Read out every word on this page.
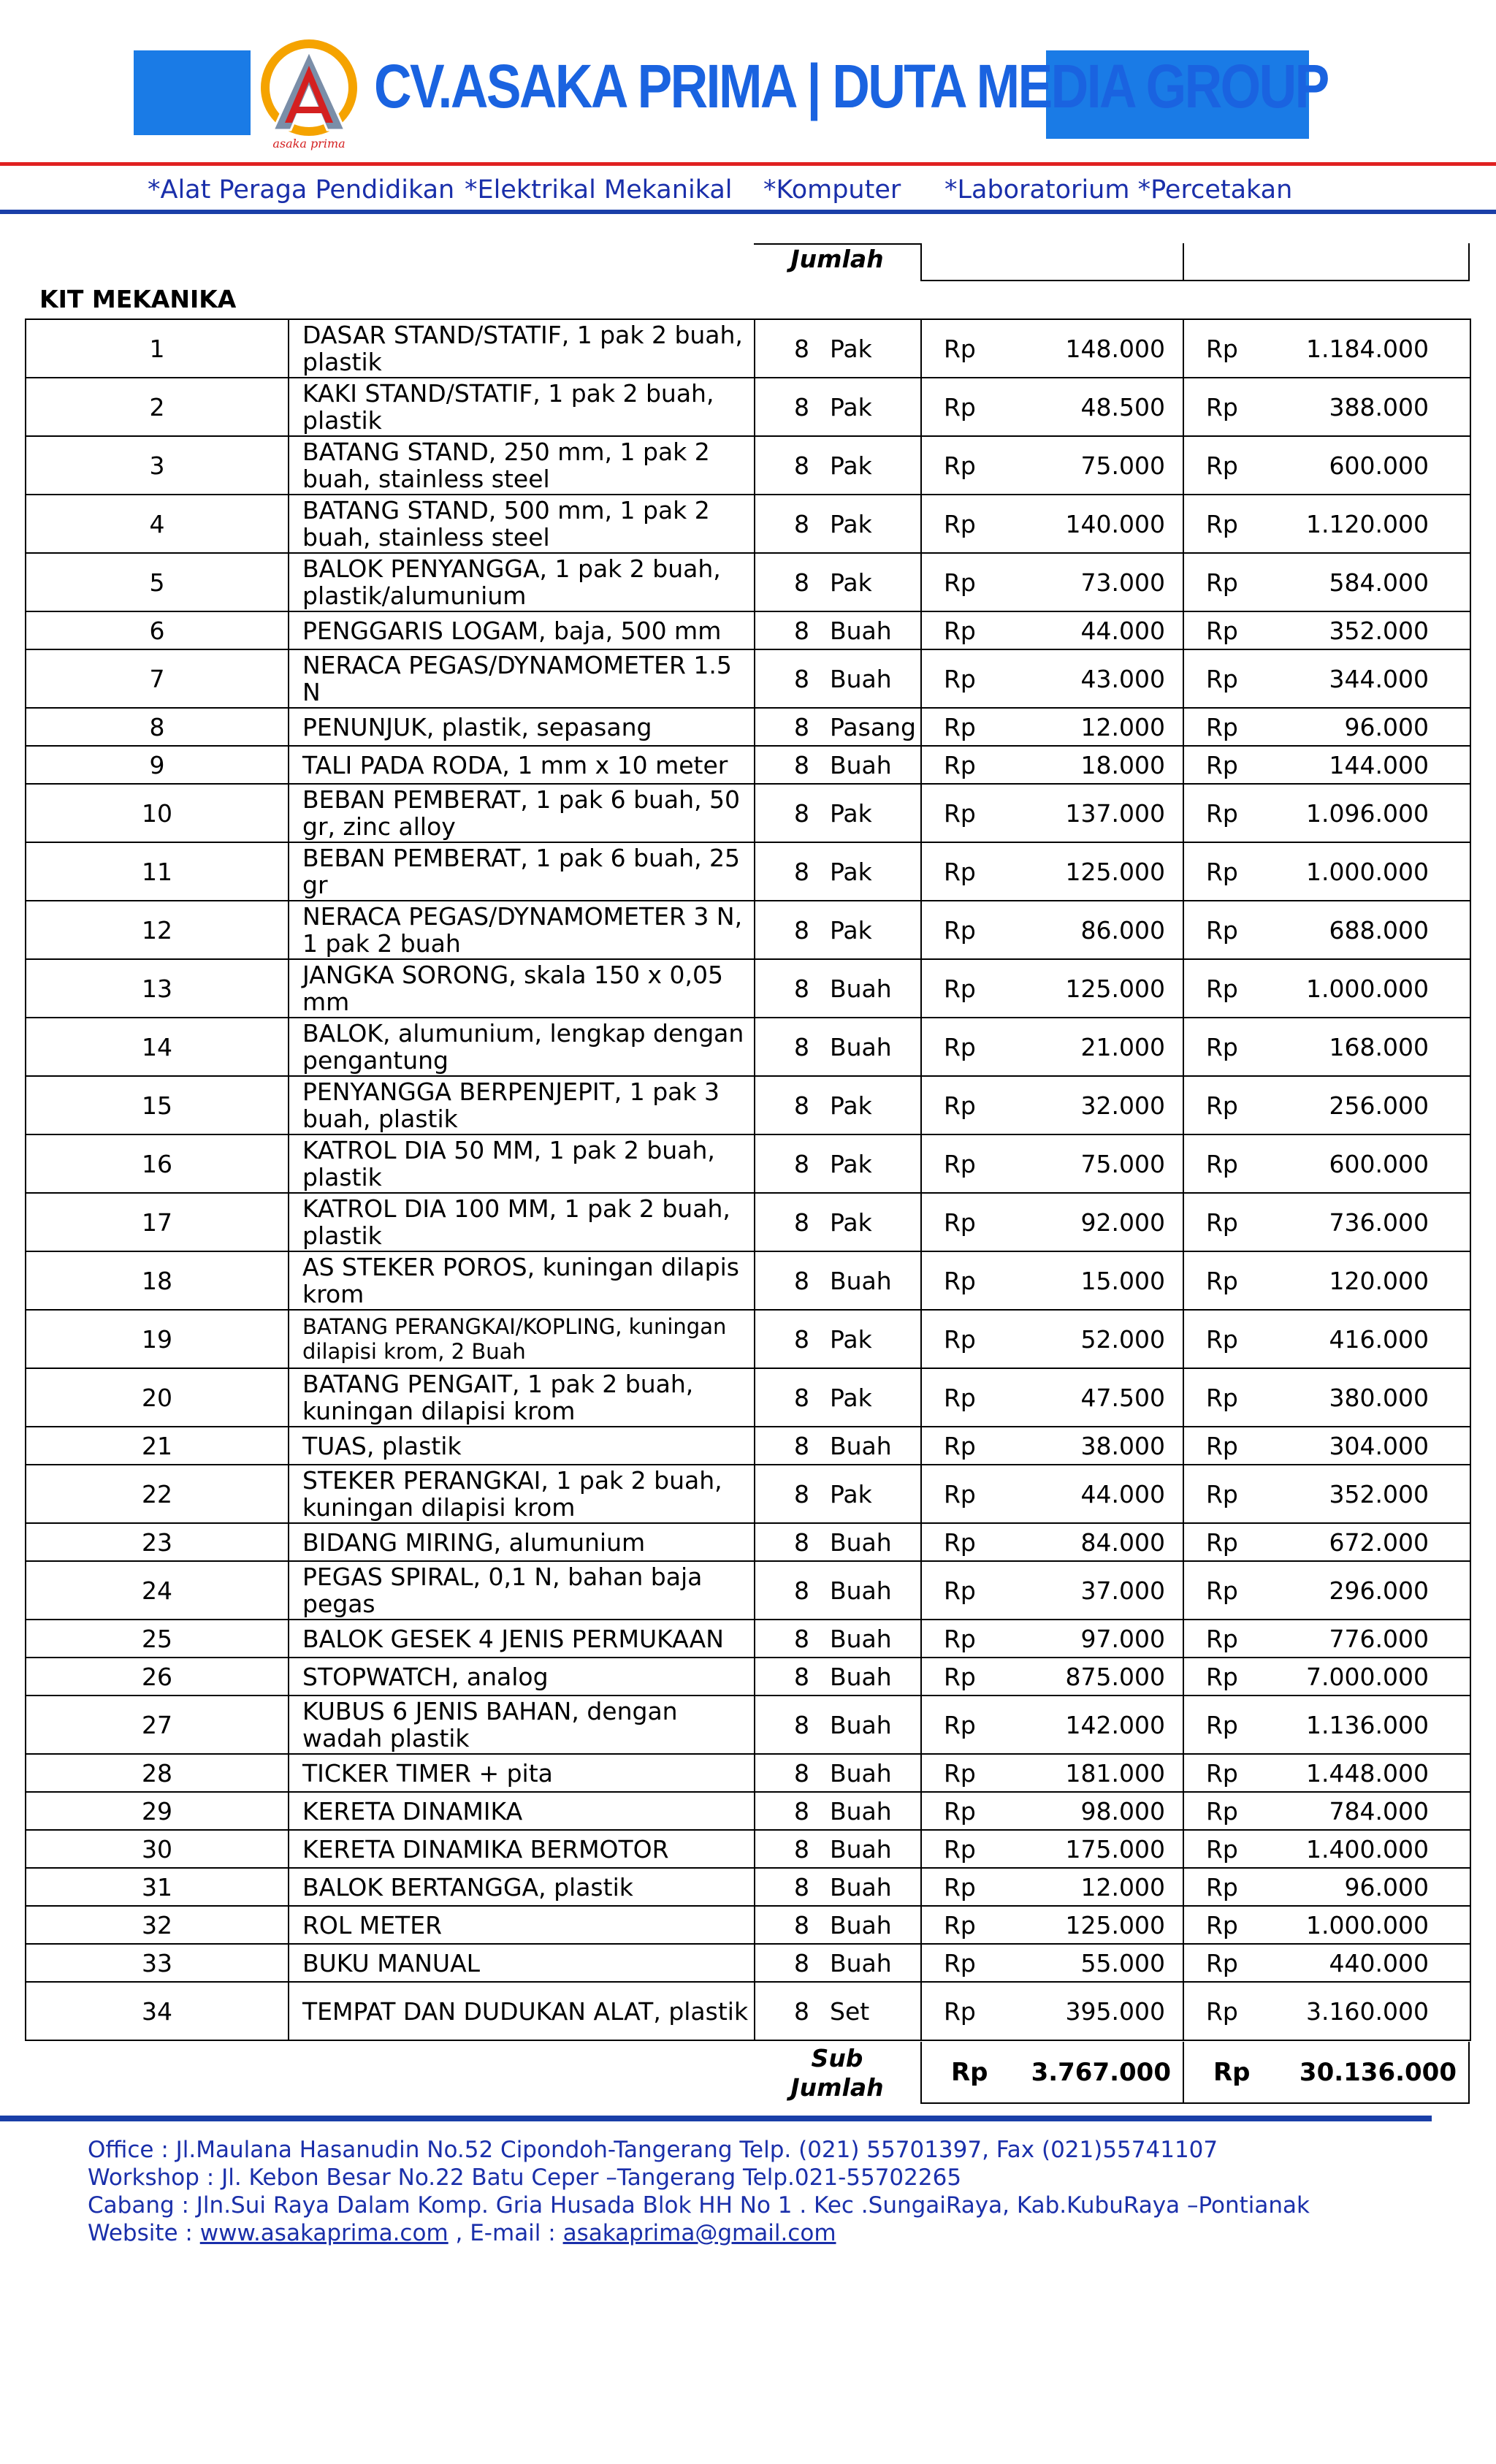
asaka prima
CV.ASAKA PRIMA | DUTA MEDIA GROUP
*Alat Peraga Pendidikan *Elektrikal Mekanikal *Komputer *Laboratorium *Percetakan
Jumlah
KIT MEKANIKA
1	DASAR STAND/STATIF, 1 pak 2 buah, plastik	8 Pak	Rp 148.000	Rp 1.184.000

2	KAKI STAND/STATIF, 1 pak 2 buah, plastik	8 Pak	Rp 48.500	Rp 388.000

3	BATANG STAND, 250 mm, 1 pak 2 buah, stainless steel	8 Pak	Rp 75.000	Rp 600.000

4	BATANG STAND, 500 mm, 1 pak 2 buah, stainless steel	8 Pak	Rp 140.000	Rp 1.120.000

5	BALOK PENYANGGA, 1 pak 2 buah, plastik/alumunium	8 Pak	Rp 73.000	Rp 584.000

6	PENGGARIS LOGAM, baja, 500 mm	8 Buah	Rp 44.000	Rp 352.000

7	NERACA PEGAS/DYNAMOMETER 1.5 N	8 Buah	Rp 43.000	Rp 344.000

8	PENUNJUK, plastik, sepasang	8 Pasang	Rp 12.000	Rp 96.000

9	TALI PADA RODA, 1 mm x 10 meter	8 Buah	Rp 18.000	Rp 144.000

10	BEBAN PEMBERAT, 1 pak 6 buah, 50 gr, zinc alloy	8 Pak	Rp 137.000	Rp 1.096.000

11	BEBAN PEMBERAT, 1 pak 6 buah, 25 gr	8 Pak	Rp 125.000	Rp 1.000.000

12	NERACA PEGAS/DYNAMOMETER 3 N, 1 pak 2 buah	8 Pak	Rp 86.000	Rp 688.000

13	JANGKA SORONG, skala 150 x 0,05 mm	8 Buah	Rp 125.000	Rp 1.000.000

14	BALOK, alumunium, lengkap dengan pengantung	8 Buah	Rp 21.000	Rp 168.000

15	PENYANGGA BERPENJEPIT, 1 pak 3 buah, plastik	8 Pak	Rp 32.000	Rp 256.000

16	KATROL DIA 50 MM, 1 pak 2 buah, plastik	8 Pak	Rp 75.000	Rp 600.000

17	KATROL DIA 100 MM, 1 pak 2 buah, plastik	8 Pak	Rp 92.000	Rp 736.000

18	AS STEKER POROS, kuningan dilapis krom	8 Buah	Rp 15.000	Rp 120.000

19	BATANG PERANGKAI/KOPLING, kuningan dilapisi krom, 2 Buah	8 Pak	Rp 52.000	Rp 416.000

20	BATANG PENGAIT, 1 pak 2 buah, kuningan dilapisi krom	8 Pak	Rp 47.500	Rp 380.000

21	TUAS, plastik	8 Buah	Rp 38.000	Rp 304.000

22	STEKER PERANGKAI, 1 pak 2 buah, kuningan dilapisi krom	8 Pak	Rp 44.000	Rp 352.000

23	BIDANG MIRING, alumunium	8 Buah	Rp 84.000	Rp 672.000

24	PEGAS SPIRAL, 0,1 N, bahan baja pegas	8 Buah	Rp 37.000	Rp 296.000

25	BALOK GESEK 4 JENIS PERMUKAAN	8 Buah	Rp 97.000	Rp 776.000

26	STOPWATCH, analog	8 Buah	Rp 875.000	Rp 7.000.000

27	KUBUS 6 JENIS BAHAN, dengan wadah plastik	8 Buah	Rp 142.000	Rp 1.136.000

28	TICKER TIMER + pita	8 Buah	Rp 181.000	Rp 1.448.000

29	KERETA DINAMIKA	8 Buah	Rp 98.000	Rp 784.000

30	KERETA DINAMIKA BERMOTOR	8 Buah	Rp 175.000	Rp 1.400.000

31	BALOK BERTANGGA, plastik	8 Buah	Rp 12.000	Rp 96.000

32	ROL METER	8 Buah	Rp 125.000	Rp 1.000.000

33	BUKU MANUAL	8 Buah	Rp 55.000	Rp 440.000

34	TEMPAT DAN DUDUKAN ALAT, plastik	8 Set	Rp 395.000	Rp 3.160.000
Sub
Jumlah
Rp	3.767.000	Rp	30.136.000
Office : Jl.Maulana Hasanudin No.52 Cipondoh-Tangerang Telp. (021) 55701397, Fax (021)55741107
Workshop : Jl. Kebon Besar No.22 Batu Ceper –Tangerang Telp.021-55702265
Cabang : Jln.Sui Raya Dalam Komp. Gria Husada Blok HH No 1 . Kec .SungaiRaya, Kab.KubuRaya –Pontianak
Website : www.asakaprima.com , E-mail : asakaprima@gmail.com
